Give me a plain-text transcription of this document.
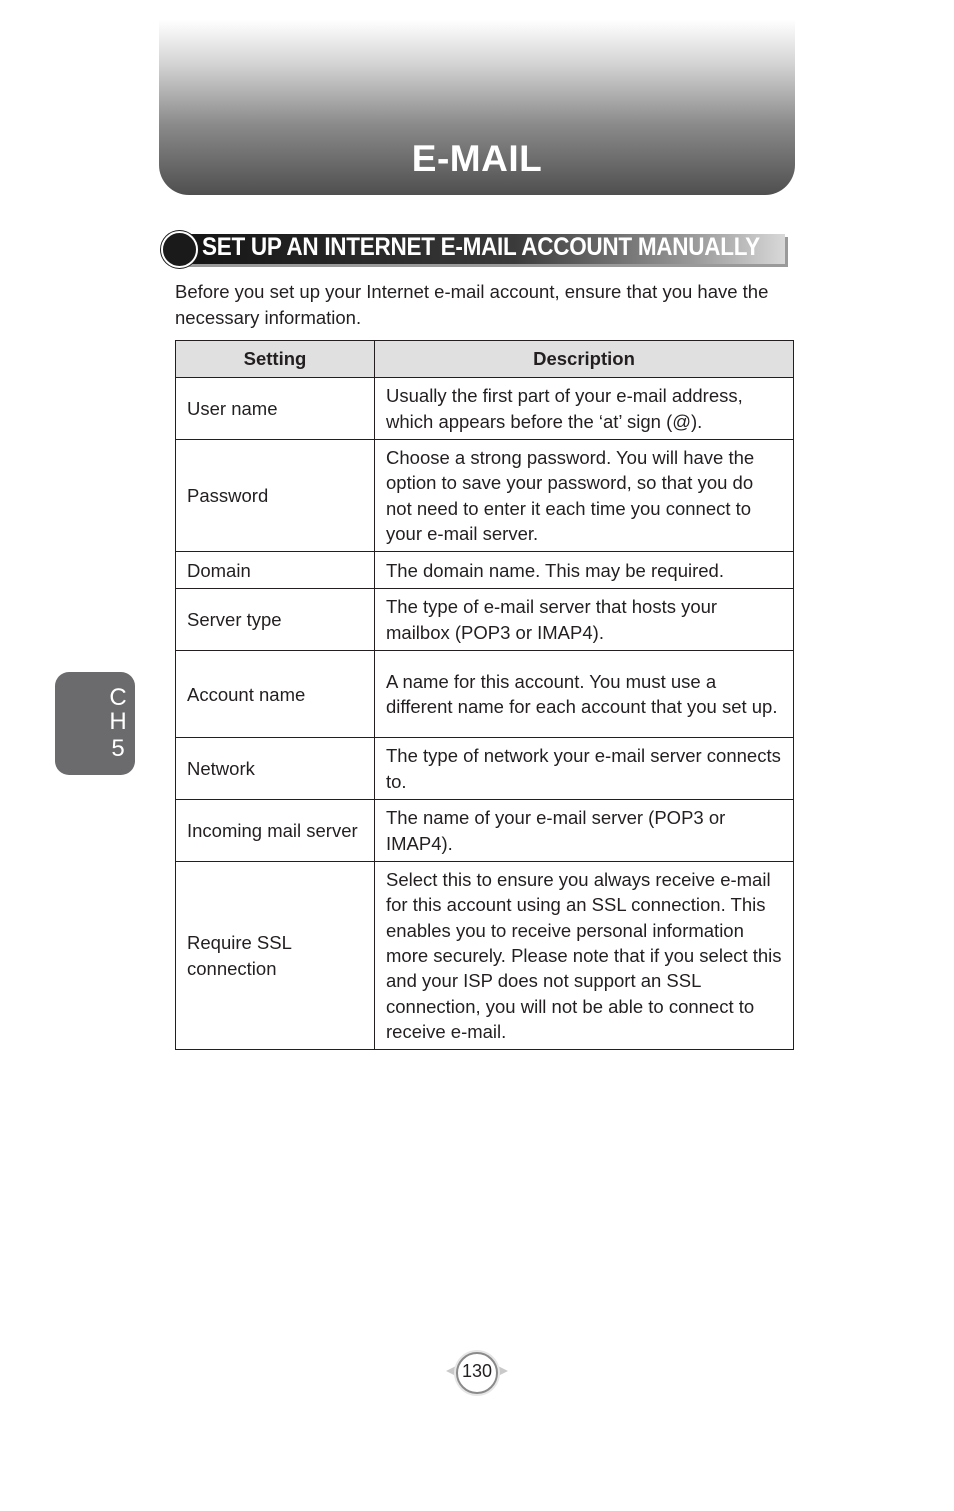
E-MAIL
SET UP AN INTERNET E-MAIL ACCOUNT MANUALLY
Before you set up your Internet e-mail account, ensure that you have the necessary information.
Setting	Description
User name	Usually the first part of your e-mail address, which appears before the ‘at’ sign (@).
Password	Choose a strong password. You will have the option to save your password, so that you do not need to enter it each time you connect to your e-mail server.
Domain	The domain name. This may be required.
Server type	The type of e-mail server that hosts your mailbox (POP3 or IMAP4).
Account name	A name for this account. You must use a different name for each account that you set up.
Network	The type of network your e-mail server connects to.
Incoming mail server	The name of your e-mail server (POP3 or IMAP4).
Require SSL connection	Select this to ensure you always receive e-mail for this account using an SSL connection. This enables you to receive personal information more securely. Please note that if you select this and your ISP does not support an SSL connection, you will not be able to connect to receive e-mail.
C
H
5
130
